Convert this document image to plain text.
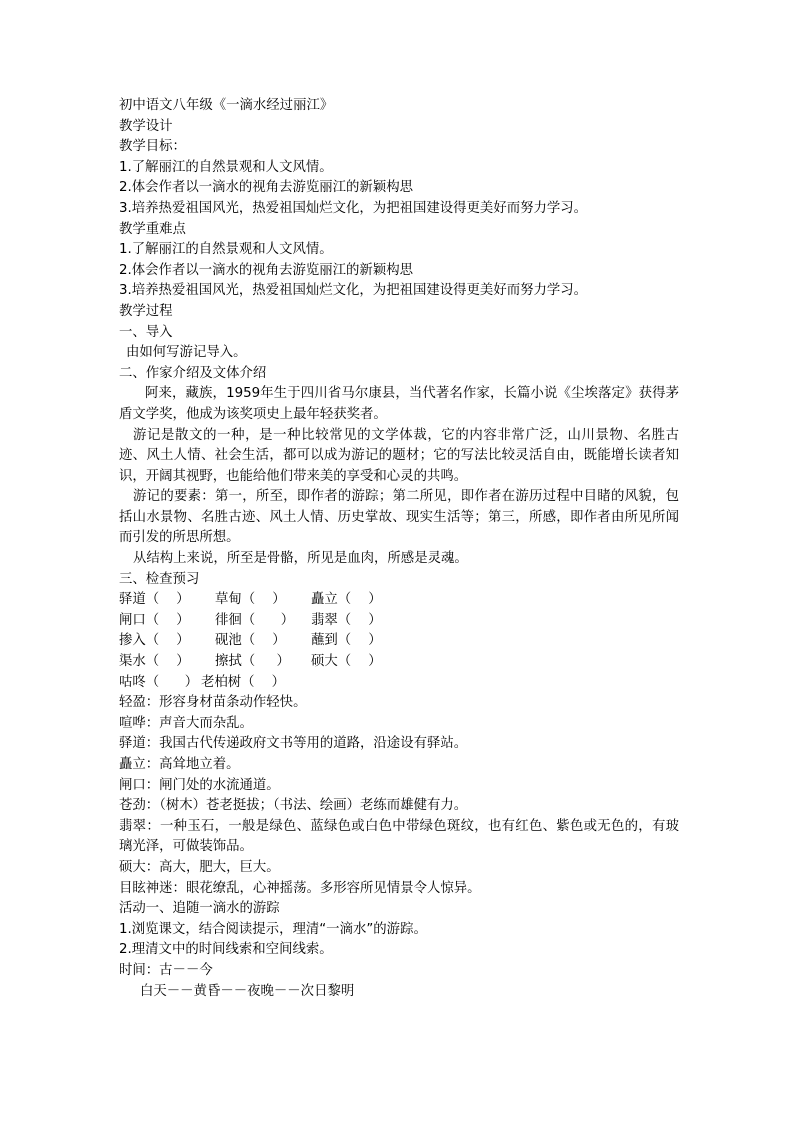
初中语文八年级《一滴水经过丽江》

教学设计

教学目标：

1.了解丽江的自然景观和人文风情。

2.体会作者以一滴水的视角去游览丽江的新颖构思

3.培养热爱祖国风光，热爱祖国灿烂文化，为把祖国建设得更美好而努力学习。

教学重难点

1.了解丽江的自然景观和人文风情。

2.体会作者以一滴水的视角去游览丽江的新颖构思

3.培养热爱祖国风光，热爱祖国灿烂文化，为把祖国建设得更美好而努力学习。

教学过程

一、导入

由如何写游记导入。

二、作家介绍及文体介绍

阿来，藏族，1959年生于四川省马尔康县，当代著名作家，长篇小说《尘埃落定》获得茅盾文学奖，他成为该奖项史上最年轻获奖者。

游记是散文的一种，是一种比较常见的文学体裁，它的内容非常广泛，山川景物、名胜古迹、风土人情、社会生活，都可以成为游记的题材；它的写法比较灵活自由，既能增长读者知识，开阔其视野，也能给他们带来美的享受和心灵的共鸣。

游记的要素：第一，所至，即作者的游踪；第二所见，即作者在游历过程中目睹的风貌，包括山水景物、名胜古迹、风土人情、历史掌故、现实生活等；第三，所感，即作者由所见所闻而引发的所思所想。

从结构上来说，所至是骨骼，所见是血肉，所感是灵魂。

三、检查预习

驿道（    ） 草甸（    ） 矗立（    ）

闸口（    ） 徘徊（      ） 翡翠（    ）

掺入（    ） 砚池（    ） 蘸到（    ）

渠水（    ） 擦拭（     ） 硕大（    ）

咕咚（      ） 老柏树（    ）

轻盈：形容身材苗条动作轻快。

喧哗：声音大而杂乱。

驿道：我国古代传递政府文书等用的道路，沿途设有驿站。

矗立：高耸地立着。

闸口：闸门处的水流通道。

苍劲：（树木）苍老挺拔；（书法、绘画）老练而雄健有力。

翡翠：一种玉石，一般是绿色、蓝绿色或白色中带绿色斑纹，也有红色、紫色或无色的，有玻璃光泽，可做装饰品。

硕大：高大，肥大，巨大。

目眩神迷：眼花缭乱，心神摇荡。多形容所见情景令人惊异。

活动一、追随一滴水的游踪

1.浏览课文，结合阅读提示，理清“一滴水”的游踪。

2.理清文中的时间线索和空间线索。

时间：古－－今

白天－－黄昏－－夜晚－－次日黎明
